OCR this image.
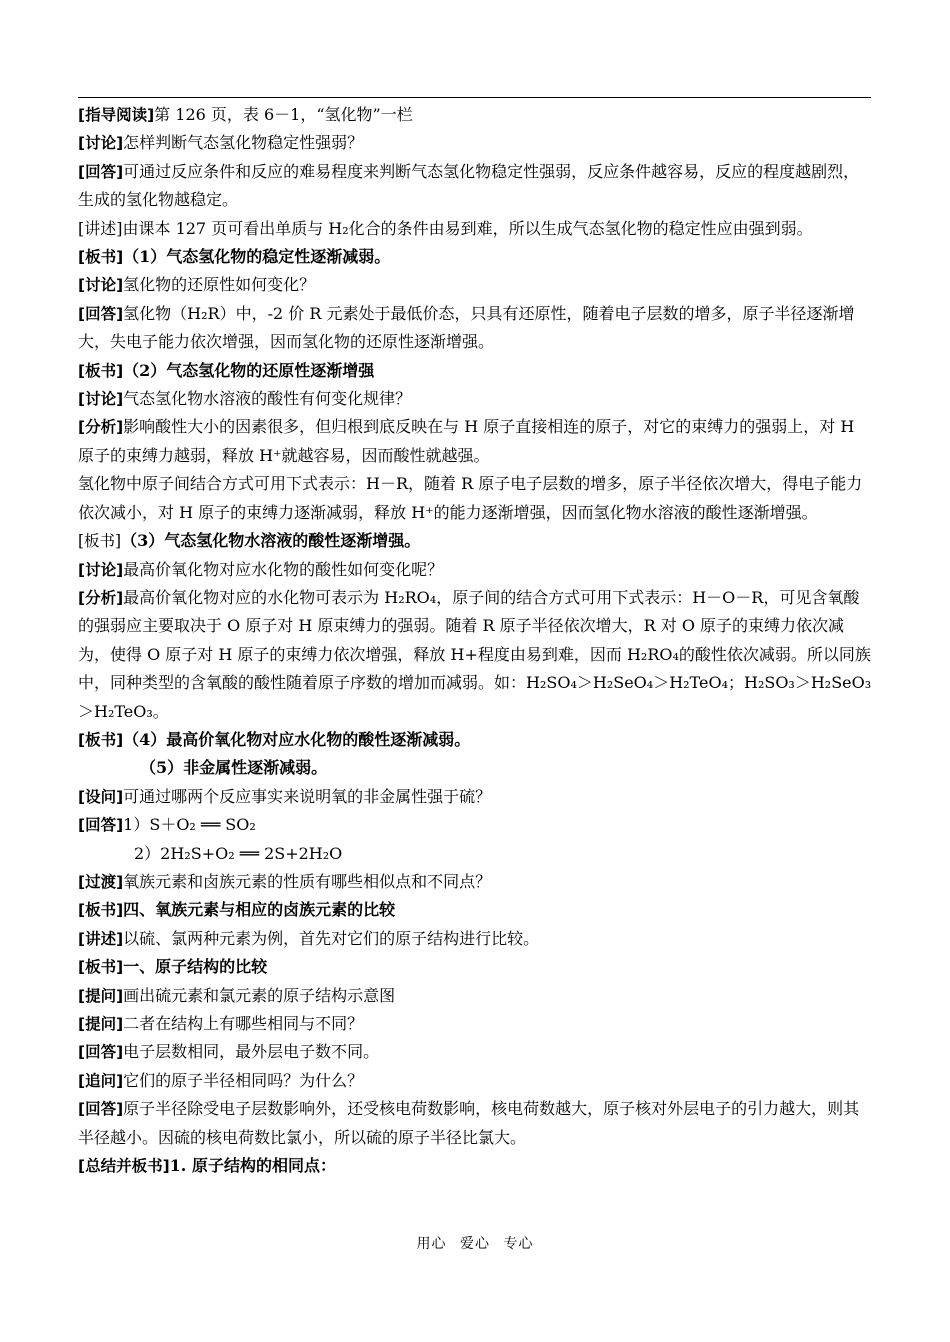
[指导阅读]第 126 页，表 6－1，“氢化物”一栏

[讨论]怎样判断气态氢化物稳定性强弱？

[回答]可通过反应条件和反应的难易程度来判断气态氢化物稳定性强弱，反应条件越容易，反应的程度越剧烈，生成的氢化物越稳定。

[讲述]由课本 127 页可看出单质与 H₂化合的条件由易到难，所以生成气态氢化物的稳定性应由强到弱。

[板书]（1）气态氢化物的稳定性逐渐减弱。

[讨论]氢化物的还原性如何变化？

[回答]氢化物（H₂R）中，-2 价 R 元素处于最低价态，只具有还原性，随着电子层数的增多，原子半径逐渐增大，失电子能力依次增强，因而氢化物的还原性逐渐增强。

[板书]（2）气态氢化物的还原性逐渐增强

[讨论]气态氢化物水溶液的酸性有何变化规律？

[分析]影响酸性大小的因素很多，但归根到底反映在与 H 原子直接相连的原子，对它的束缚力的强弱上，对 H 原子的束缚力越弱，释放 H⁺就越容易，因而酸性就越强。

氢化物中原子间结合方式可用下式表示：H－R，随着 R 原子电子层数的增多，原子半径依次增大，得电子能力依次减小，对 H 原子的束缚力逐渐减弱，释放 H⁺的能力逐渐增强，因而氢化物水溶液的酸性逐渐增强。

[板书]（3）气态氢化物水溶液的酸性逐渐增强。

[讨论]最高价氧化物对应水化物的酸性如何变化呢？

[分析]最高价氧化物对应的水化物可表示为 H₂RO₄，原子间的结合方式可用下式表示：H－O－R，可见含氧酸的强弱应主要取决于 O 原子对 H 原束缚力的强弱。随着 R 原子半径依次增大，R 对 O 原子的束缚力依次减为，使得 O 原子对 H 原子的束缚力依次增强，释放 H+程度由易到难，因而 H₂RO₄的酸性依次减弱。所以同族中，同种类型的含氧酸的酸性随着原子序数的增加而减弱。如：H₂SO₄＞H₂SeO₄＞H₂TeO₄；H₂SO₃＞H₂SeO₃＞H₂TeO₃。

[板书]（4）最高价氧化物对应水化物的酸性逐渐减弱。

（5）非金属性逐渐减弱。

[设问]可通过哪两个反应事实来说明氧的非金属性强于硫？

[回答]1）S＋O₂ ══ SO₂

2）2H₂S+O₂ ══ 2S+2H₂O

[过渡]氧族元素和卤族元素的性质有哪些相似点和不同点？

[板书]四、氧族元素与相应的卤族元素的比较

[讲述]以硫、氯两种元素为例，首先对它们的原子结构进行比较。

[板书]一、原子结构的比较

[提问]画出硫元素和氯元素的原子结构示意图

[提问]二者在结构上有哪些相同与不同？

[回答]电子层数相同，最外层电子数不同。

[追问]它们的原子半径相同吗？为什么？

[回答]原子半径除受电子层数影响外，还受核电荷数影响，核电荷数越大，原子核对外层电子的引力越大，则其半径越小。因硫的核电荷数比氯小，所以硫的原子半径比氯大。

[总结并板书]1. 原子结构的相同点：

用心 爱心 专心
